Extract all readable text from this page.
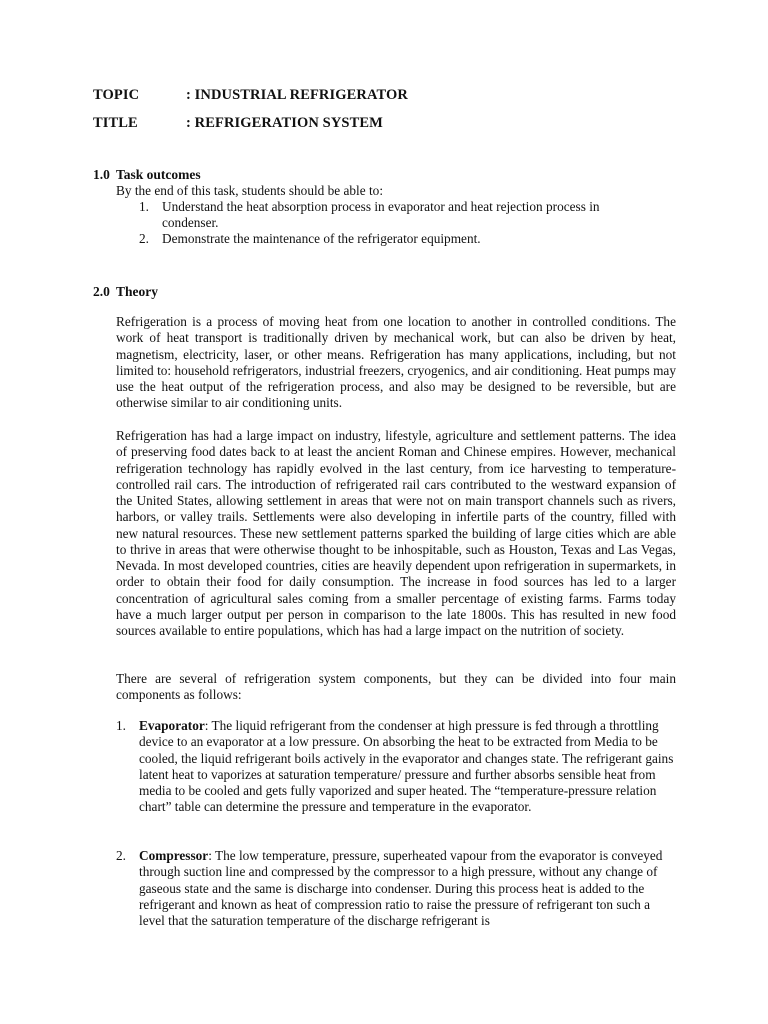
TOPIC	: INDUSTRIAL REFRIGERATOR
TITLE	: REFRIGERATION SYSTEM
1.0 Task outcomes
By the end of this task, students should be able to:
1. Understand the heat absorption process in evaporator and heat rejection process in
condenser.
2. Demonstrate the maintenance of the refrigerator equipment.
2.0 Theory
Refrigeration is a process of moving heat from one location to another in controlled conditions. The work of heat transport is traditionally driven by mechanical work, but can also be driven by heat, magnetism, electricity, laser, or other means. Refrigeration has many applications, including, but not limited to: household refrigerators, industrial freezers, cryogenics, and air conditioning. Heat pumps may use the heat output of the refrigeration process, and also may be designed to be reversible, but are otherwise similar to air conditioning units.
Refrigeration has had a large impact on industry, lifestyle, agriculture and settlement patterns. The idea of preserving food dates back to at least the ancient Roman and Chinese empires. However, mechanical refrigeration technology has rapidly evolved in the last century, from ice harvesting to temperature-controlled rail cars. The introduction of refrigerated rail cars contributed to the westward expansion of the United States, allowing settlement in areas that were not on main transport channels such as rivers, harbors, or valley trails. Settlements were also developing in infertile parts of the country, filled with new natural resources. These new settlement patterns sparked the building of large cities which are able to thrive in areas that were otherwise thought to be inhospitable, such as Houston, Texas and Las Vegas, Nevada. In most developed countries, cities are heavily dependent upon refrigeration in supermarkets, in order to obtain their food for daily consumption. The increase in food sources has led to a larger concentration of agricultural sales coming from a smaller percentage of existing farms. Farms today have a much larger output per person in comparison to the late 1800s. This has resulted in new food sources available to entire populations, which has had a large impact on the nutrition of society.
There are several of refrigeration system components, but they can be divided into four main components as follows:
1. Evaporator: The liquid refrigerant from the condenser at high pressure is fed through a throttling device to an evaporator at a low pressure. On absorbing the heat to be extracted from Media to be cooled, the liquid refrigerant boils actively in the evaporator and changes state. The refrigerant gains latent heat to vaporizes at saturation temperature/ pressure and further absorbs sensible heat from media to be cooled and gets fully vaporized and super heated. The “temperature-pressure relation chart” table can determine the pressure and temperature in the evaporator.
2. Compressor: The low temperature, pressure, superheated vapour from the evaporator is conveyed through suction line and compressed by the compressor to a high pressure, without any change of gaseous state and the same is discharge into condenser. During this process heat is added to the refrigerant and known as heat of compression ratio to raise the pressure of refrigerant ton such a level that the saturation temperature of the discharge refrigerant is
